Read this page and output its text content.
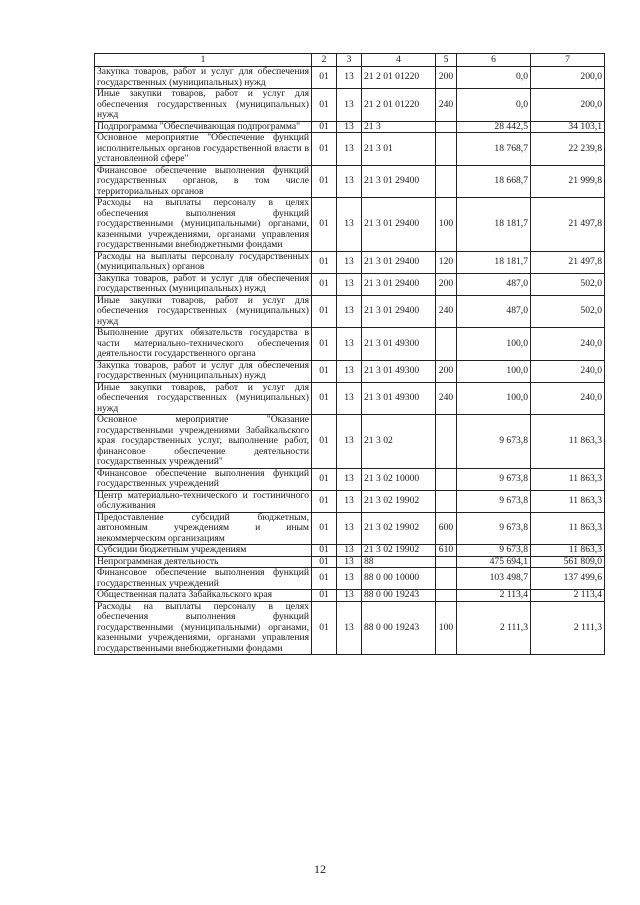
1	2	3	4	5	6	7
Закупка товаров, работ и услуг для обеспечения государственных (муниципальных) нужд	01	13	21 2 01 01220	200	0,0	200,0
Иные закупки товаров, работ и услуг для обеспечения государственных (муниципальных) нужд	01	13	21 2 01 01220	240	0,0	200,0
Подпрограмма "Обеспечивающая подпрограмма"	01	13	21 3		28 442,5	34 103,1
Основное мероприятие "Обеспечение функций исполнительных органов государственной власти в установленной сфере"	01	13	21 3 01		18 768,7	22 239,8
Финансовое обеспечение выполнения функций государственных органов, в том числе территориальных органов	01	13	21 3 01 29400		18 668,7	21 999,8
Расходы на выплаты персоналу в целях обеспечения выполнения функций государственными (муниципальными) органами, казенными учреждениями, органами управления государственными внебюджетными фондами	01	13	21 3 01 29400	100	18 181,7	21 497,8
Расходы на выплаты персоналу государственных (муниципальных) органов	01	13	21 3 01 29400	120	18 181,7	21 497,8
Закупка товаров, работ и услуг для обеспечения государственных (муниципальных) нужд	01	13	21 3 01 29400	200	487,0	502,0
Иные закупки товаров, работ и услуг для обеспечения государственных (муниципальных) нужд	01	13	21 3 01 29400	240	487,0	502,0
Выполнение других обязательств государства в части материально-технического обеспечения деятельности государственного органа	01	13	21 3 01 49300		100,0	240,0
Закупка товаров, работ и услуг для обеспечения государственных (муниципальных) нужд	01	13	21 3 01 49300	200	100,0	240,0
Иные закупки товаров, работ и услуг для обеспечения государственных (муниципальных) нужд	01	13	21 3 01 49300	240	100,0	240,0
Основное мероприятие "Оказание государственными учреждениями Забайкальского края государственных услуг, выполнение работ, финансовое обеспечение деятельности государственных учреждений"	01	13	21 3 02		9 673,8	11 863,3
Финансовое обеспечение выполнения функций государственных учреждений	01	13	21 3 02 10000		9 673,8	11 863,3
Центр материально-технического и гостиничного обслуживания	01	13	21 3 02 19902		9 673,8	11 863,3
Предоставление субсидий бюджетным, автономным учреждениям и иным некоммерческим организациям	01	13	21 3 02 19902	600	9 673,8	11 863,3
Субсидии бюджетным учреждениям	01	13	21 3 02 19902	610	9 673,8	11 863,3
Непрограммная деятельность	01	13	88		475 694,1	561 809,0
Финансовое обеспечение выполнения функций государственных учреждений	01	13	88 0 00 10000		103 498,7	137 499,6
Общественная палата Забайкальского края	01	13	88 0 00 19243		2 113,4	2 113,4
Расходы на выплаты персоналу в целях обеспечения выполнения функций государственными (муниципальными) органами, казенными учреждениями, органами управления государственными внебюджетными фондами	01	13	88 0 00 19243	100	2 111,3	2 111,3
12
